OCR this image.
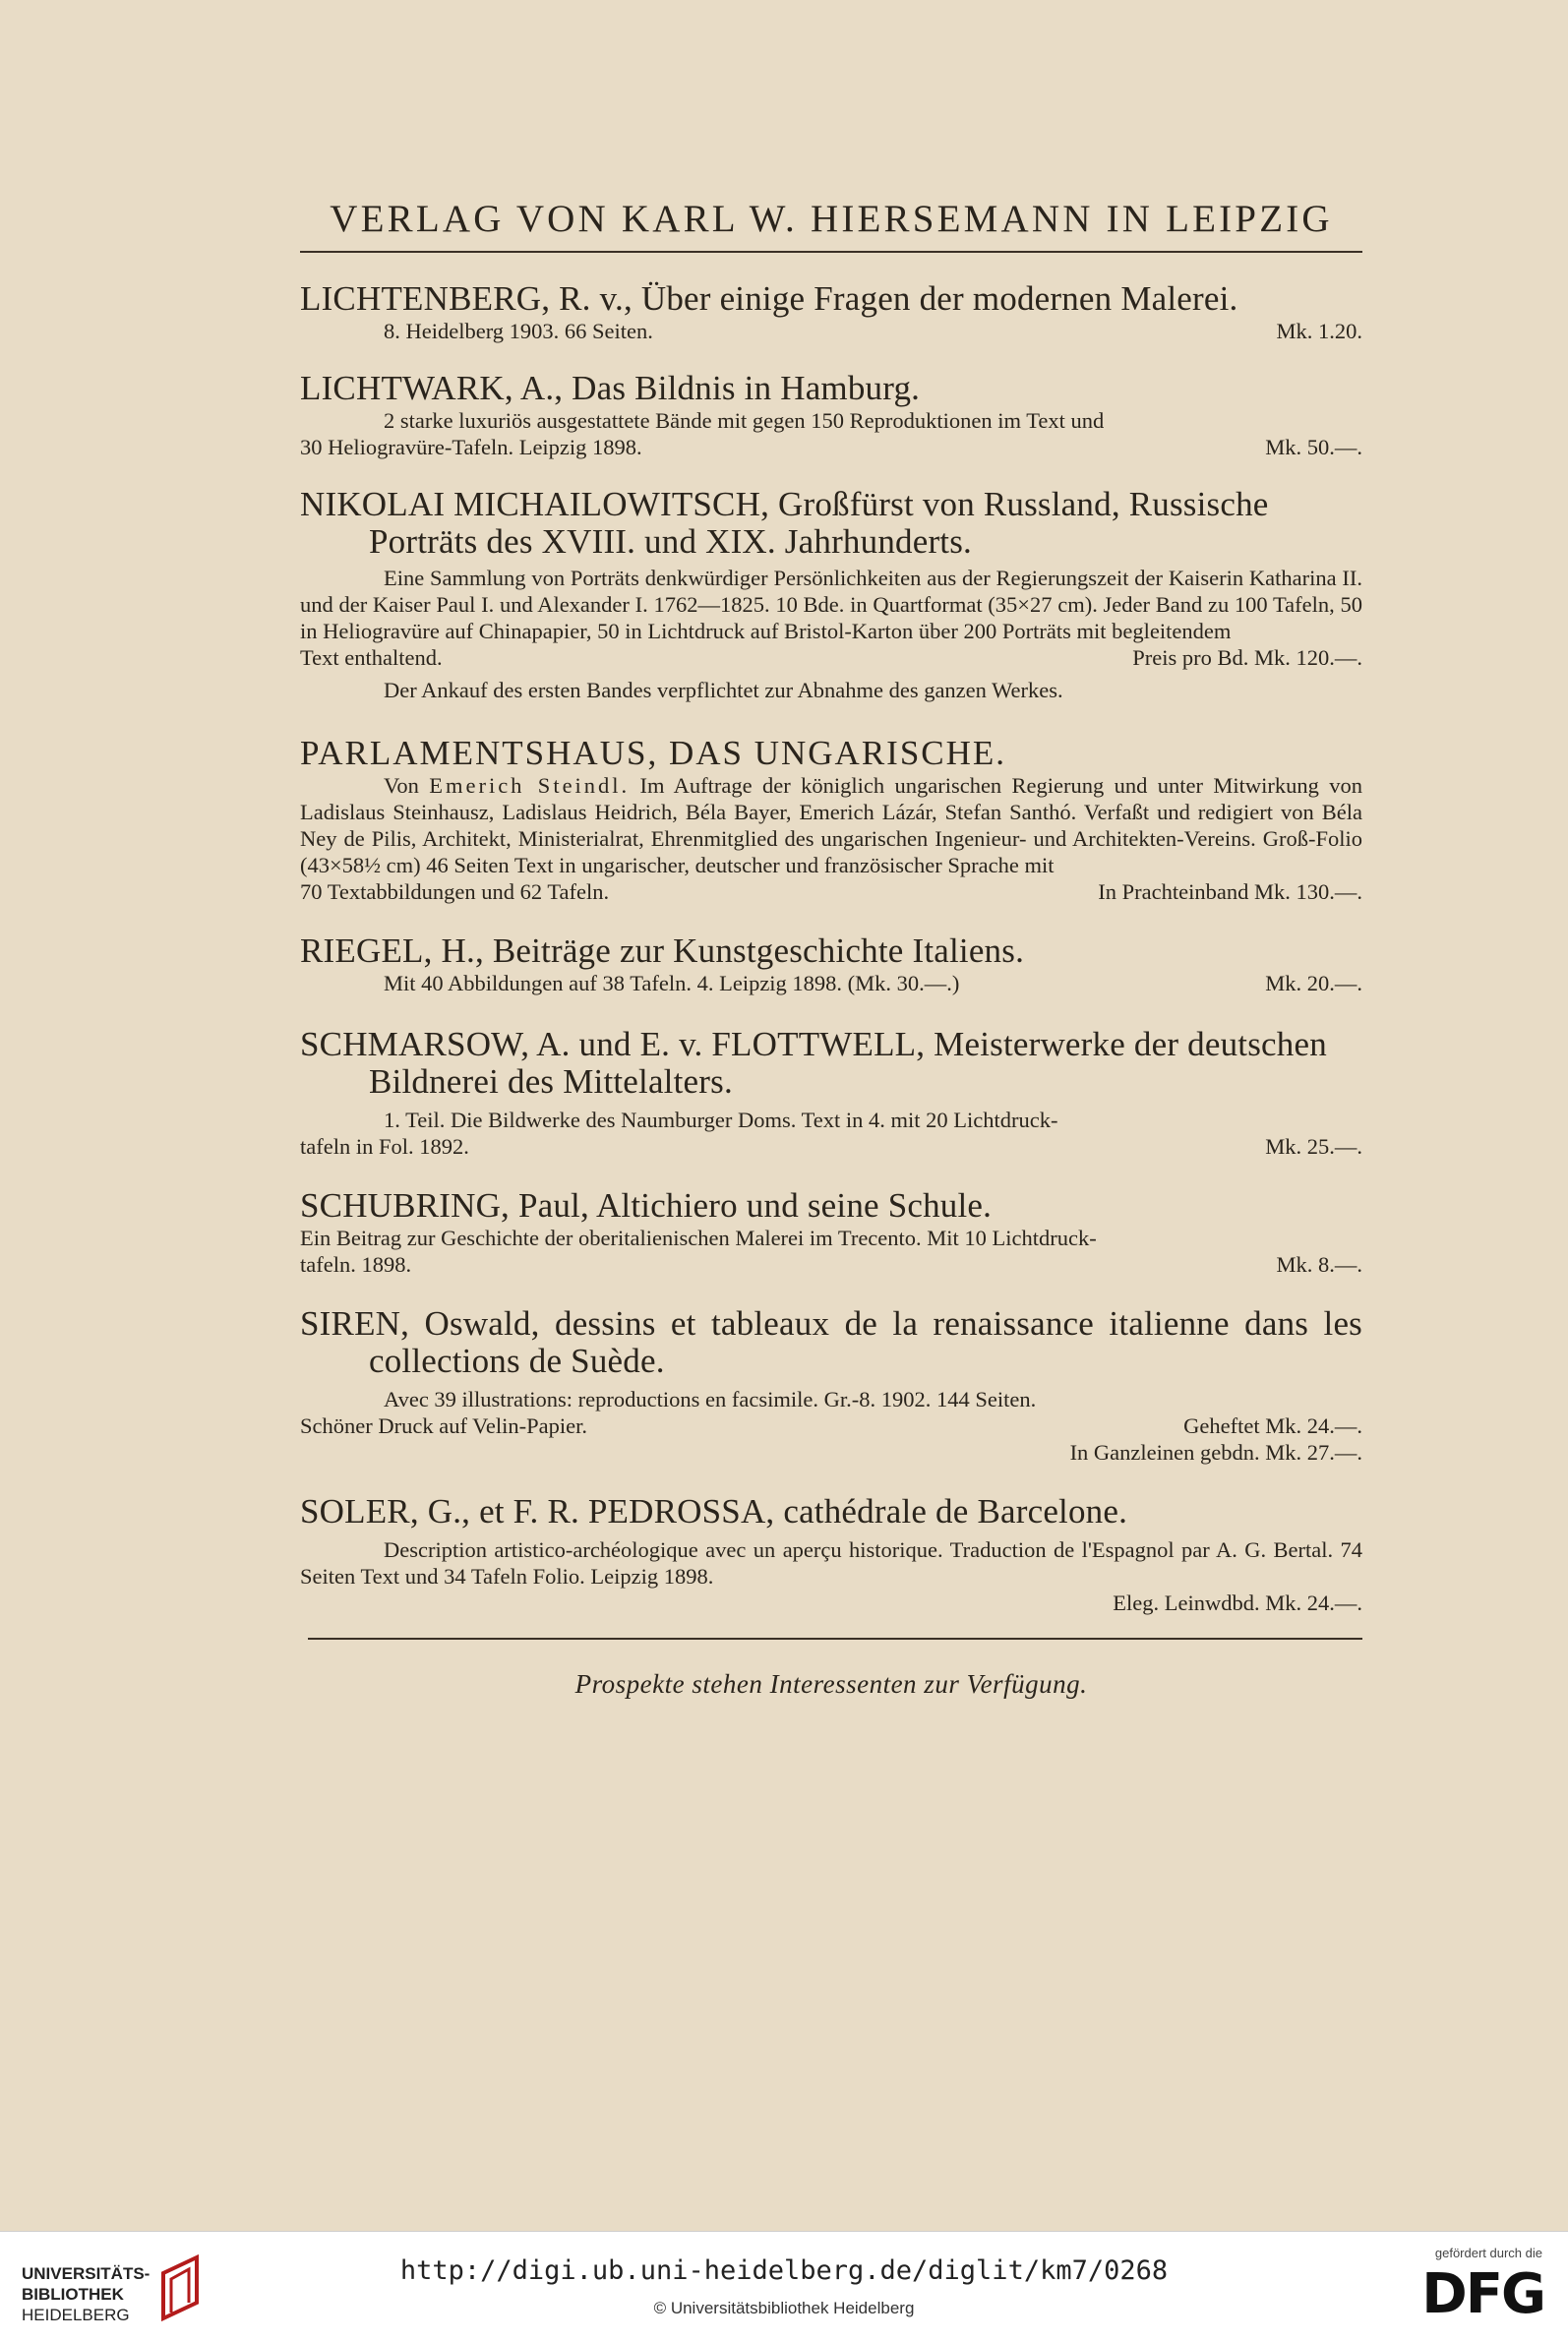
VERLAG VON KARL W. HIERSEMANN IN LEIPZIG
LICHTENBERG, R. v., Über einige Fragen der modernen Malerei.
8. Heidelberg 1903. 66 Seiten.	Mk. 1.20.
LICHTWARK, A., Das Bildnis in Hamburg.
2 starke luxuriös ausgestattete Bände mit gegen 150 Reproduktionen im Text und
30 Heliogravüre-Tafeln. Leipzig 1898.	Mk. 50.—.
NIKOLAI MICHAILOWITSCH, Großfürst von Russland, Russische Porträts des XVIII. und XIX. Jahrhunderts.
Eine Sammlung von Porträts denkwürdiger Persönlichkeiten aus der Regierungszeit der Kaiserin Katharina II. und der Kaiser Paul I. und Alexander I. 1762—1825. 10 Bde. in Quartformat (35×27 cm). Jeder Band zu 100 Tafeln, 50 in Heliogravüre auf Chinapapier, 50 in Lichtdruck auf Bristol-Karton über 200 Porträts mit begleitendem
Text enthaltend.	Preis pro Bd. Mk. 120.—.
Der Ankauf des ersten Bandes verpflichtet zur Abnahme des ganzen Werkes.
PARLAMENTSHAUS, DAS UNGARISCHE.
Von Emerich Steindl. Im Auftrage der königlich ungarischen Regierung und unter Mitwirkung von Ladislaus Steinhausz, Ladislaus Heidrich, Béla Bayer, Emerich Lázár, Stefan Santhó. Verfaßt und redigiert von Béla Ney de Pilis, Architekt, Ministerialrat, Ehrenmitglied des ungarischen Ingenieur- und Architekten-Vereins. Groß-Folio (43×58½ cm) 46 Seiten Text in ungarischer, deutscher und französischer Sprache mit
70 Textabbildungen und 62 Tafeln.	In Prachteinband Mk. 130.—.
RIEGEL, H., Beiträge zur Kunstgeschichte Italiens.
Mit 40 Abbildungen auf 38 Tafeln. 4. Leipzig 1898. (Mk. 30.—.)	Mk. 20.—.
SCHMARSOW, A. und E. v. FLOTTWELL, Meisterwerke der deutschen Bildnerei des Mittelalters.
1. Teil. Die Bildwerke des Naumburger Doms. Text in 4. mit 20 Lichtdruck-
tafeln in Fol. 1892.	Mk. 25.—.
SCHUBRING, Paul, Altichiero und seine Schule.
Ein Beitrag zur Geschichte der oberitalienischen Malerei im Trecento. Mit 10 Lichtdruck-
tafeln. 1898.	Mk. 8.—.
SIREN, Oswald, dessins et tableaux de la renaissance italienne dans les collections de Suède.
Avec 39 illustrations: reproductions en facsimile. Gr.-8. 1902. 144 Seiten.
Schöner Druck auf Velin-Papier.	Geheftet Mk. 24.—.
In Ganzleinen gebdn. Mk. 27.—.
SOLER, G., et F. R. PEDROSSA, cathédrale de Barcelone.
Description artistico-archéologique avec un aperçu historique. Traduction de l'Espagnol par A. G. Bertal. 74 Seiten Text und 34 Tafeln Folio. Leipzig 1898.
Eleg. Leinwdbd. Mk. 24.—.
Prospekte stehen Interessenten zur Verfügung.
UNIVERSITÄTS-
BIBLIOTHEK
HEIDELBERG
http://digi.ub.uni-heidelberg.de/diglit/km7/0268
© Universitätsbibliothek Heidelberg
gefördert durch die
DFG
